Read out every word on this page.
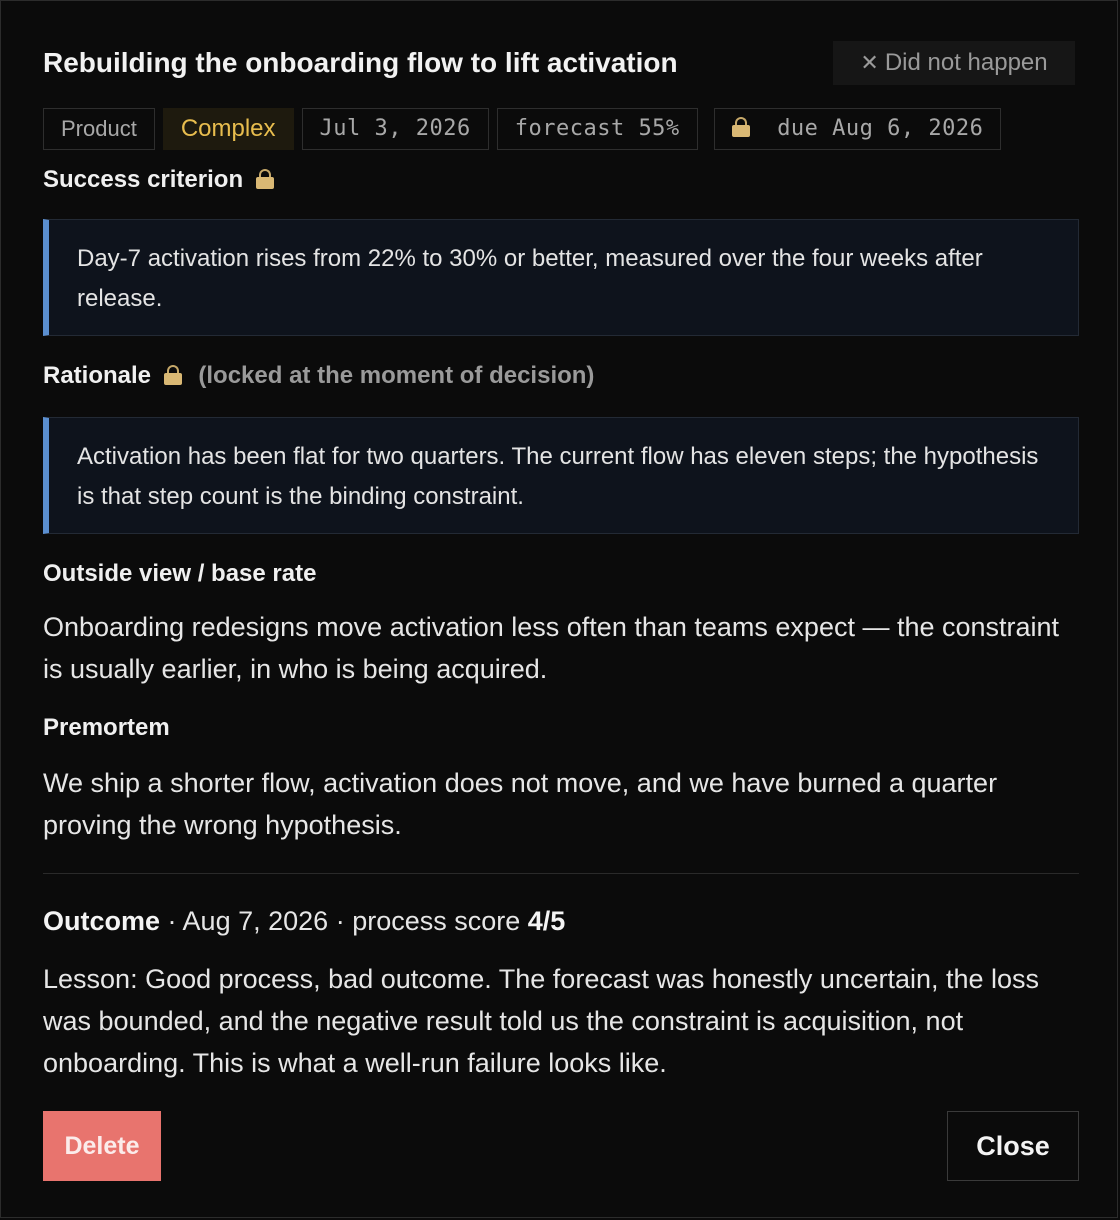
Rebuilding the onboarding flow to lift activation	✕ Did not happen
Product	Complex	Jul 3, 2026	forecast 55%	due Aug 6, 2026
Success criterion
Day-7 activation rises from 22% to 30% or better, measured over the four weeks after release.
Rationale (locked at the moment of decision)
Activation has been flat for two quarters. The current flow has eleven steps; the hypothesis is that step count is the binding constraint.
Outside view / base rate
Onboarding redesigns move activation less often than teams expect — the constraint is usually earlier, in who is being acquired.
Premortem
We ship a shorter flow, activation does not move, and we have burned a quarter proving the wrong hypothesis.
Outcome · Aug 7, 2026 · process score 4/5
Lesson: Good process, bad outcome. The forecast was honestly uncertain, the loss was bounded, and the negative result told us the constraint is acquisition, not onboarding. This is what a well-run failure looks like.
Delete	Close
